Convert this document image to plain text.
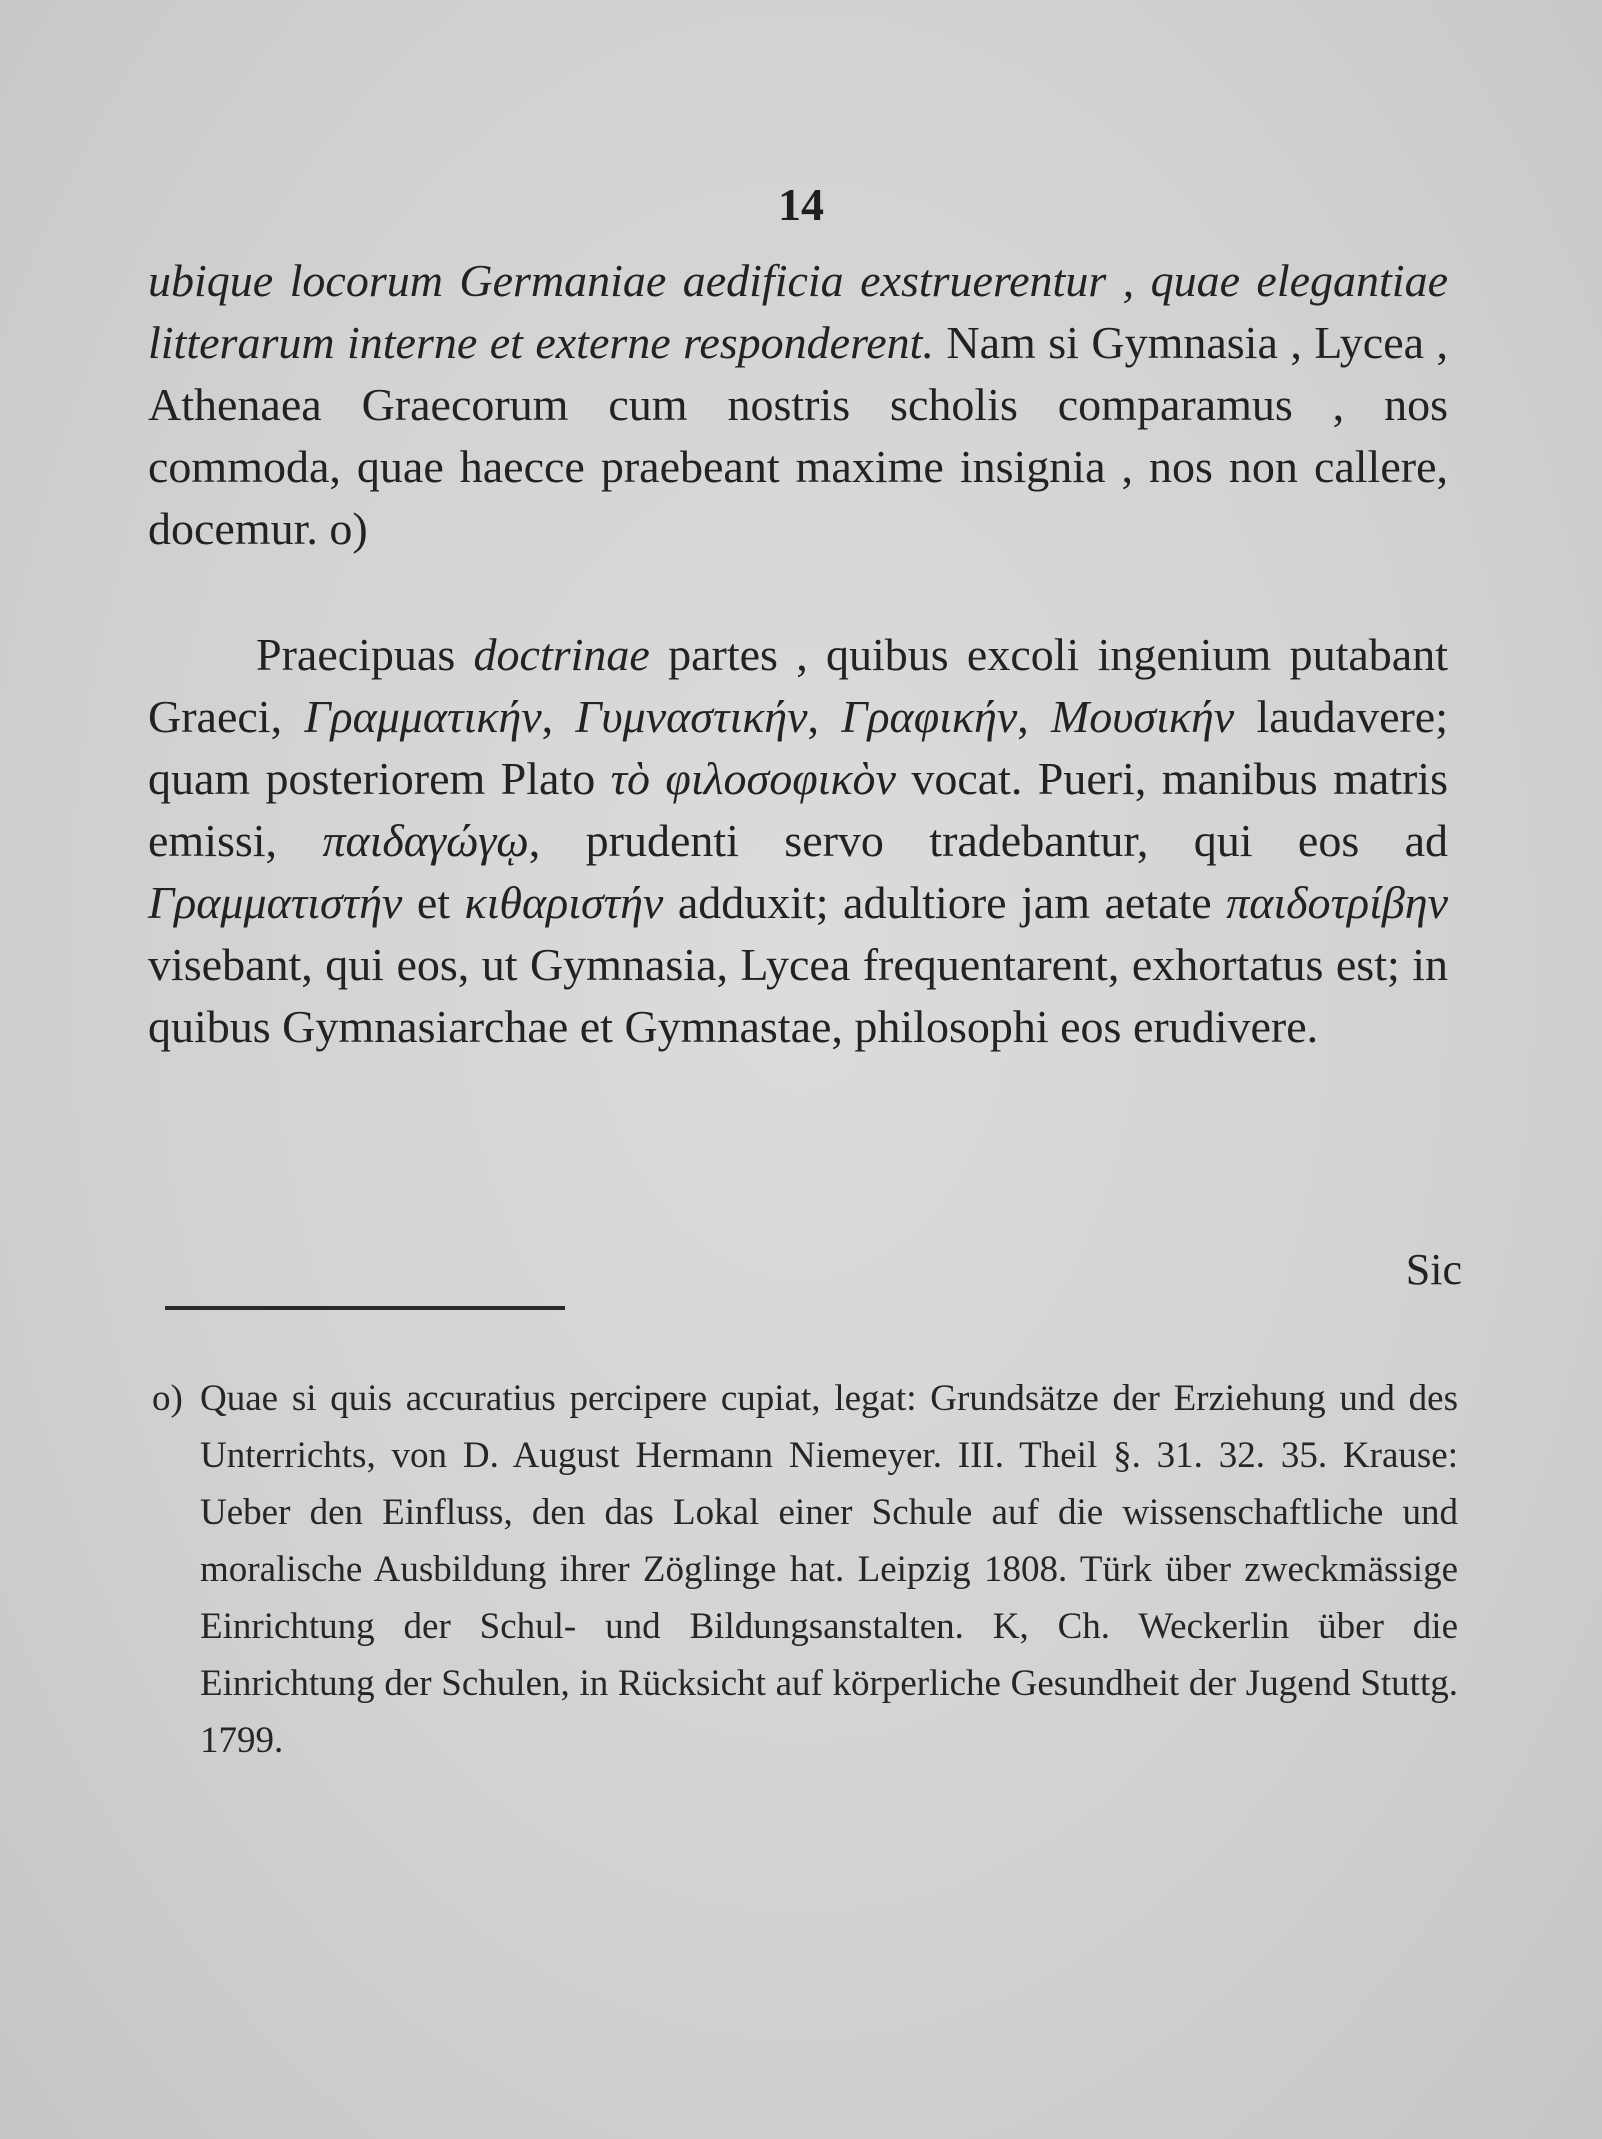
14

ubique locorum Germaniae aedificia exstruerentur , quae elegantiae litterarum interne et externe responderent. Nam si Gymnasia , Lycea , Athenaea Graecorum cum nostris scholis comparamus , nos commoda, quae haecce praebeant maxime insignia , nos non callere, docemur. o)

Praecipuas doctrinae partes , quibus excoli ingenium putabant Graeci, Γραμματικήν, Γυμναστικήν, Γραφικήν, Μουσικήν laudavere; quam posteriorem Plato τὸ φιλοσοφικὸν vocat. Pueri, manibus matris emissi, παιδαγώγῳ, prudenti servo tradebantur, qui eos ad Γραμματιστήν et κιθαριστήν adduxit; adultiore jam aetate παιδοτρίβην visebant, qui eos, ut Gymnasia, Lycea frequentarent, exhortatus est; in quibus Gymnasiarchae et Gymnastae, philosophi eos erudivere.

Sic

o) Quae si quis accuratius percipere cupiat, legat: Grundsätze der Erziehung und des Unterrichts, von D. August Hermann Niemeyer. III. Theil §. 31. 32. 35. Krause: Ueber den Einfluss, den das Lokal einer Schule auf die wissenschaftliche und moralische Ausbildung ihrer Zöglinge hat. Leipzig 1808. Türk über zweckmässige Einrichtung der Schul- und Bildungsanstalten. K, Ch. Weckerlin über die Einrichtung der Schulen, in Rücksicht auf körperliche Gesundheit der Jugend Stuttg. 1799.
